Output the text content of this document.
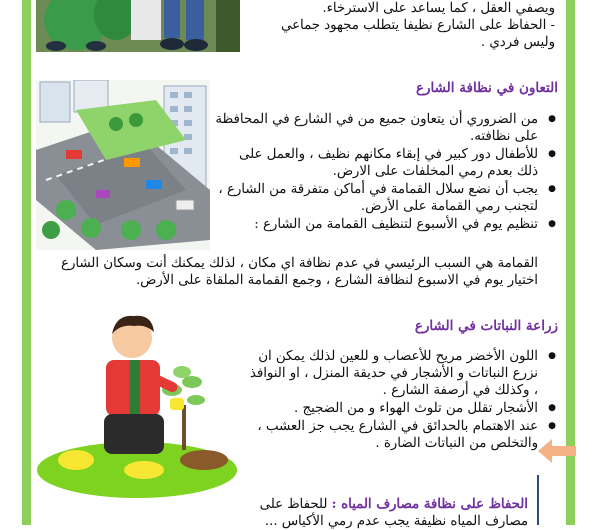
ويصفي العقل ، كما يساعد على الاسترخاء.
- الحفاظ على الشارع نظيفا يتطلب مجهود جماعي
وليس فردي .
التعاون في نظافة الشارع
● من الضروري أن يتعاون جميع من في الشارع في المحافظة على نظافته.
● للأطفال دور كبير في إبقاء مكانهم نظيف ، والعمل على ذلك بعدم رمي المخلفات على الارض.
● يجب أن نضع سلال القمامة في أماكن متفرقة من الشارع ، لتجنب رمي القمامة على الأرض.
● تنظيم يوم في الأسبوع لتنظيف القمامة من الشارع :
القمامة هي السبب الرئيسي في عدم نظافة اي مكان ، لذلك يمكنك أنت وسكان الشارع اختيار يوم في الاسبوع لنظافة الشارع ، وجمع القمامة الملقاة على الأرض.
زراعة النباتات في الشارع
● اللون الأخضر مريح للأعصاب و للعين لذلك يمكن ان نزرع النباتات و الأشجار في حديقة المنزل ، او النوافذ ، وكذلك في أرصفة الشارع .
● الأشجار تقلل من تلوث الهواء و من الضجيج .
● عند الاهتمام بالحدائق في الشارع يجب جز العشب ، والتخلص من النباتات الضارة .
الحفاظ على نظافة مصارف المياه : للحفاظ على
مصارف المياه نظيفة يجب عدم رمي الأكياس ...
